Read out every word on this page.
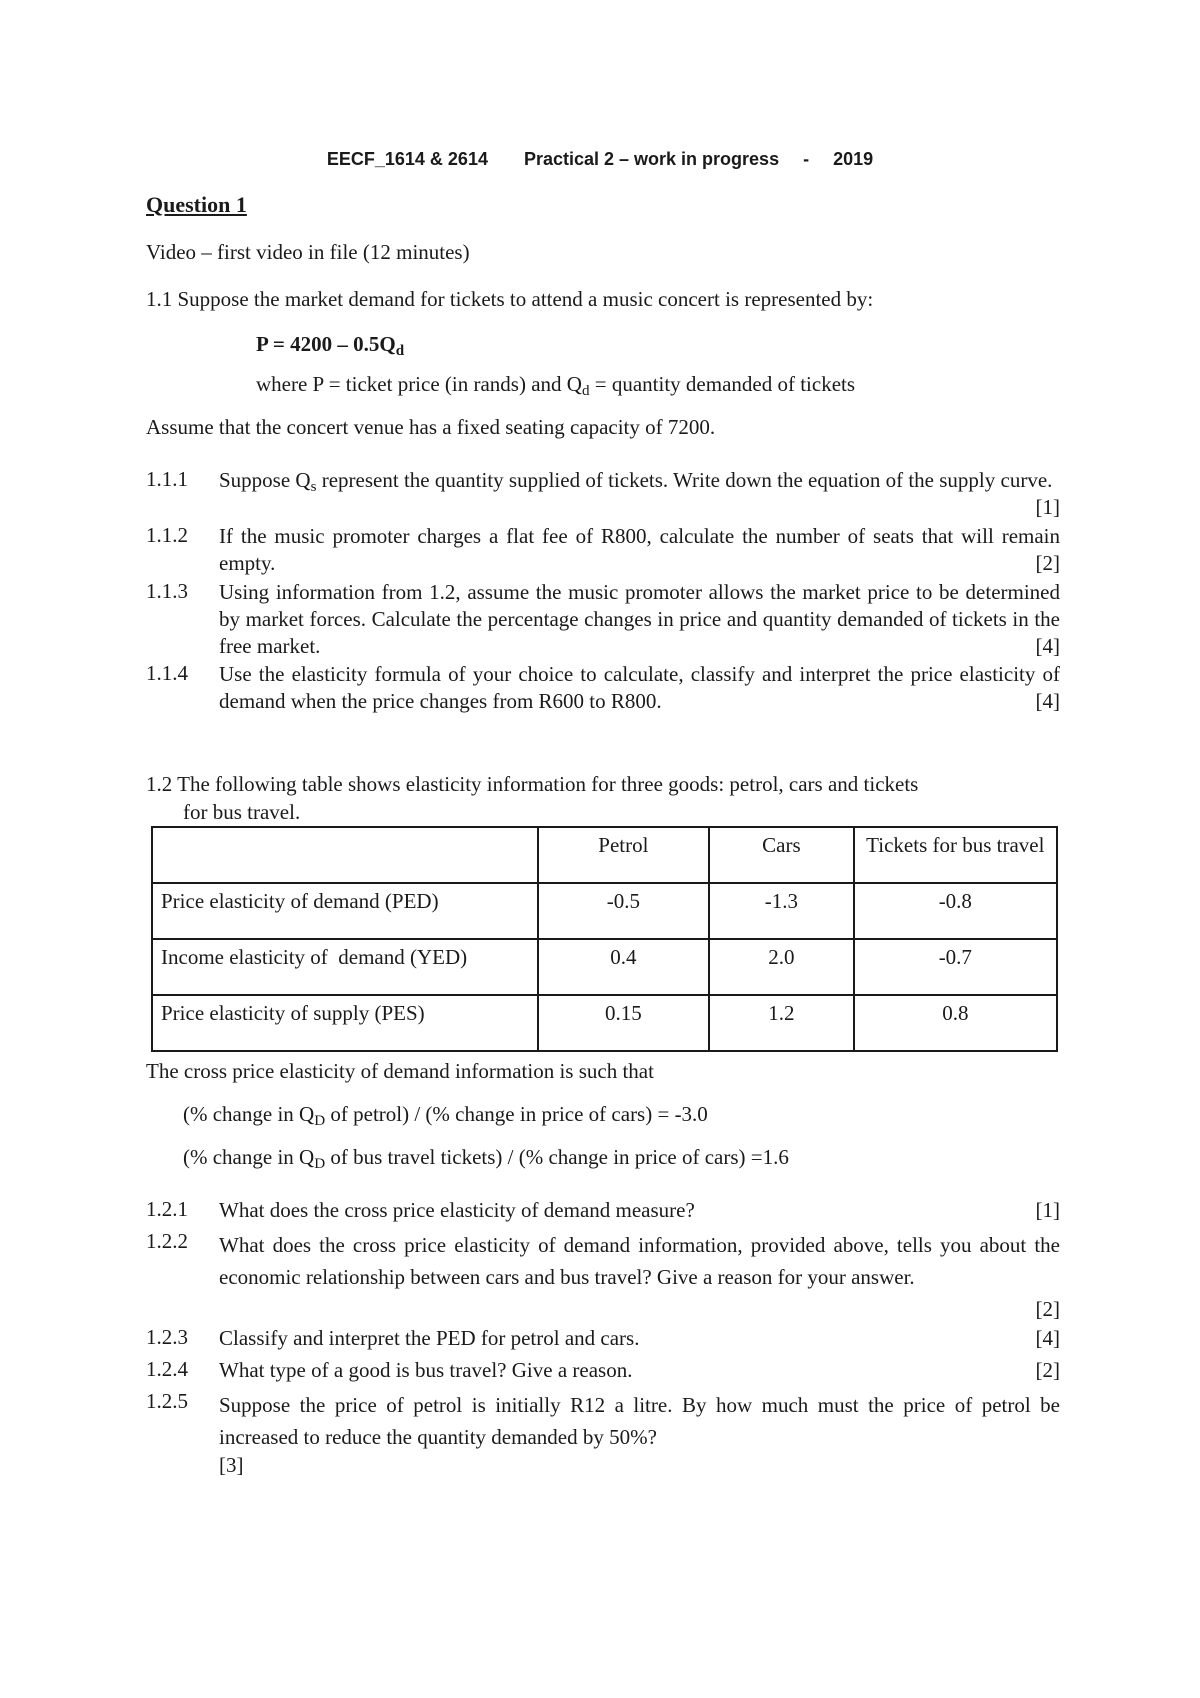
EECF_1614 & 2614 Practical 2 – work in progress - 2019
Question 1
Video – first video in file (12 minutes)
1.1 Suppose the market demand for tickets to attend a music concert is represented by:
$P = 4200 - 0.5Q_d$
where P = ticket price (in rands) and $Q_d$ = quantity demanded of tickets
Assume that the concert venue has a fixed seating capacity of 7200.
1.1.1 Suppose $Q_s$ represent the quantity supplied of tickets. Write down the equation of the supply curve.
[1]
1.1.2 If the music promoter charges a flat fee of R800, calculate the number of seats that will remain empty.	[2]
1.1.3 Using information from 1.2, assume the music promoter allows the market price to be determined by market forces. Calculate the percentage changes in price and quantity demanded of tickets in the free market.	[4]
1.1.4 Use the elasticity formula of your choice to calculate, classify and interpret the price elasticity of demand when the price changes from R600 to R800.	[4]
1.2 The following table shows elasticity information for three goods: petrol, cars and tickets
for bus travel.
	Petrol	Cars	Tickets for bus travel
Price elasticity of demand (PED)	-0.5	-1.3	-0.8
Income elasticity of  demand (YED)	0.4	2.0	-0.7
Price elasticity of supply (PES)	0.15	1.2	0.8
The cross price elasticity of demand information is such that
(% change in $Q_D$ of petrol) / (% change in price of cars) = -3.0
(% change in $Q_D$ of bus travel tickets) / (% change in price of cars) =1.6
1.2.1 What does the cross price elasticity of demand measure?	[1]
1.2.2 What does the cross price elasticity of demand information, provided above, tells you about the economic relationship between cars and bus travel? Give a reason for your answer.
[2]
1.2.3 Classify and interpret the PED for petrol and cars.	[4]
1.2.4 What type of a good is bus travel? Give a reason.	[2]
1.2.5 Suppose the price of petrol is initially R12 a litre. By how much must the price of petrol be increased to reduce the quantity demanded by 50%?
[3]
